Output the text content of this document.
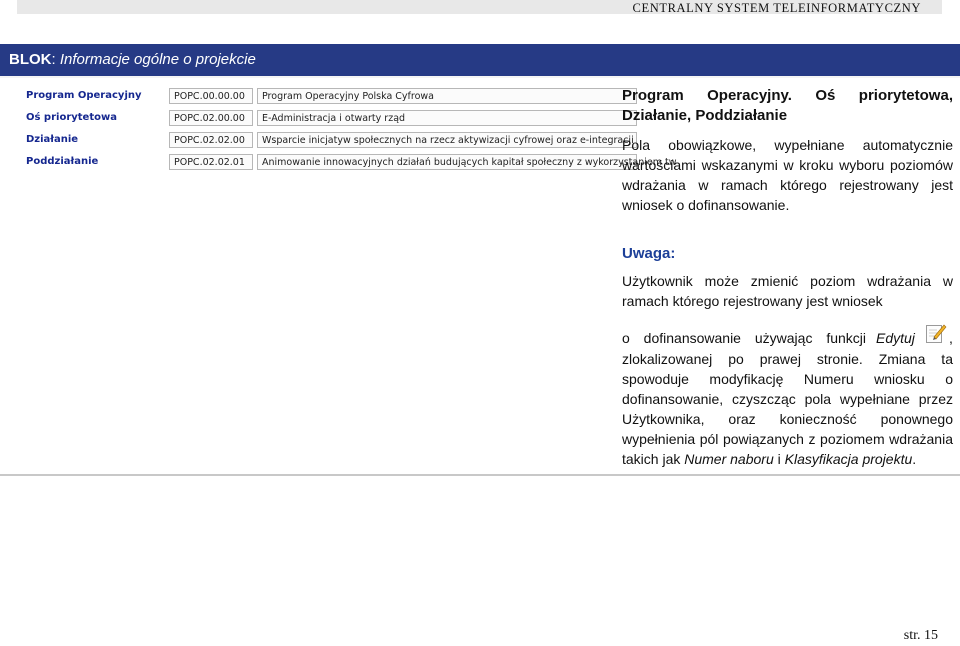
CENTRALNY SYSTEM TELEINFORMATYCZNY
BLOK: Informacje ogólne o projekcie
Program Operacyjny	POPC.00.00.00	Program Operacyjny Polska Cyfrowa
Oś priorytetowa	POPC.02.00.00	E-Administracja i otwarty rząd
Działanie	POPC.02.02.00	Wsparcie inicjatyw społecznych na rzecz aktywizacji cyfrowej oraz e-integracji
Poddziałanie	POPC.02.02.01	Animowanie innowacyjnych działań budujących kapitał społeczny z wykorzystaniem tw
Program Operacyjny. Oś priorytetowa, Działanie, Poddziałanie
Pola obowiązkowe, wypełniane automatycznie wartościami wskazanymi w kroku wyboru poziomów wdrażania w ramach którego rejestrowany jest wniosek o dofinansowanie.
Uwaga:
Użytkownik może zmienić poziom wdrażania w ramach którego rejestrowany jest wniosek
o dofinansowanie używając funkcji Edytuj ,
zlokalizowanej po prawej stronie. Zmiana ta spowoduje modyfikację Numeru wniosku o dofinansowanie, czyszcząc pola wypełniane przez Użytkownika, oraz konieczność ponownego wypełnienia pól powiązanych z poziomem wdrażania takich jak Numer naboru i Klasyfikacja projektu.
str. 15
